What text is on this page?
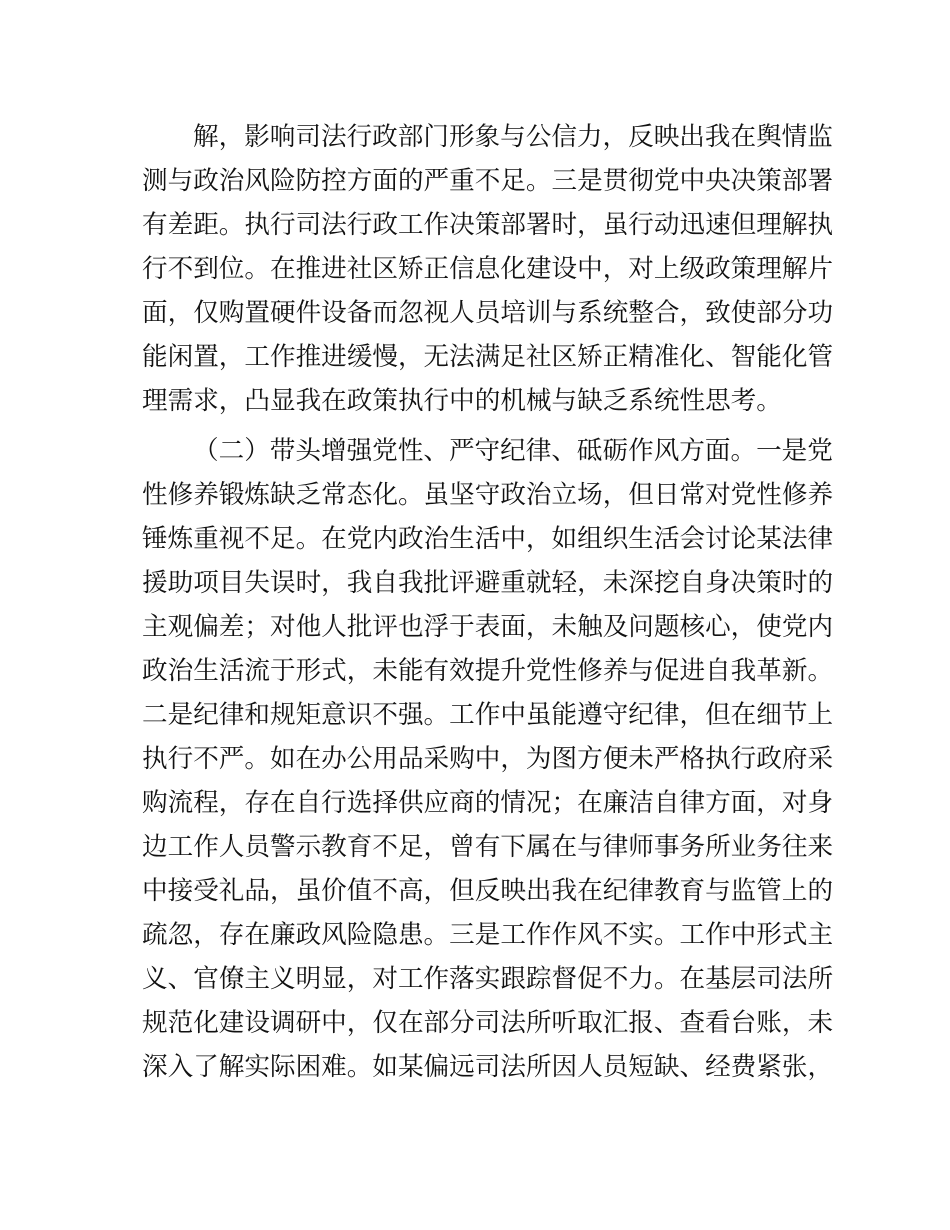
解，影响司法行政部门形象与公信力，反映出我在舆情监
测与政治风险防控方面的严重不足。三是贯彻党中央决策部署
有差距。执行司法行政工作决策部署时，虽行动迅速但理解执
行不到位。在推进社区矫正信息化建设中，对上级政策理解片
面，仅购置硬件设备而忽视人员培训与系统整合，致使部分功
能闲置，工作推进缓慢，无法满足社区矫正精准化、智能化管
理需求，凸显我在政策执行中的机械与缺乏系统性思考。
（二）带头增强党性、严守纪律、砥砺作风方面。一是党
性修养锻炼缺乏常态化。虽坚守政治立场，但日常对党性修养
锤炼重视不足。在党内政治生活中，如组织生活会讨论某法律
援助项目失误时，我自我批评避重就轻，未深挖自身决策时的
主观偏差；对他人批评也浮于表面，未触及问题核心，使党内
政治生活流于形式，未能有效提升党性修养与促进自我革新。
二是纪律和规矩意识不强。工作中虽能遵守纪律，但在细节上
执行不严。如在办公用品采购中，为图方便未严格执行政府采
购流程，存在自行选择供应商的情况；在廉洁自律方面，对身
边工作人员警示教育不足，曾有下属在与律师事务所业务往来
中接受礼品，虽价值不高，但反映出我在纪律教育与监管上的
疏忽，存在廉政风险隐患。三是工作作风不实。工作中形式主
义、官僚主义明显，对工作落实跟踪督促不力。在基层司法所
规范化建设调研中，仅在部分司法所听取汇报、查看台账，未
深入了解实际困难。如某偏远司法所因人员短缺、经费紧张，
